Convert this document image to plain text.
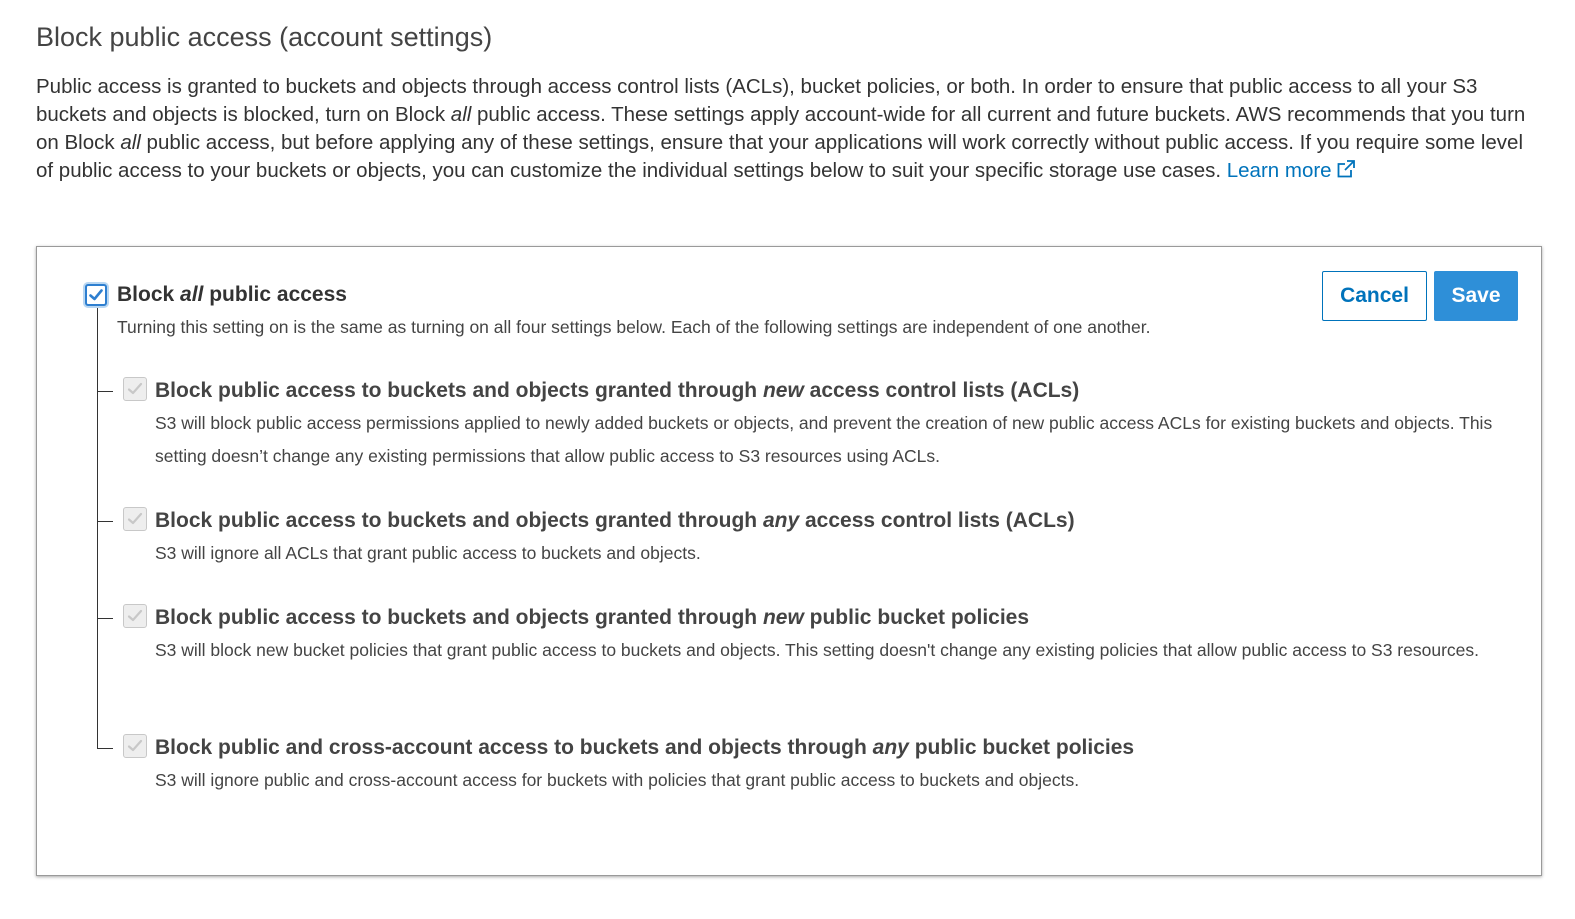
Block public access (account settings)

Public access is granted to buckets and objects through access control lists (ACLs), bucket policies, or both. In order to ensure that public access to all your S3 buckets and objects is blocked, turn on Block all public access. These settings apply account-wide for all current and future buckets. AWS recommends that you turn on Block all public access, but before applying any of these settings, ensure that your applications will work correctly without public access. If you require some level of public access to your buckets or objects, you can customize the individual settings below to suit your specific storage use cases. Learn more

Cancel	Save

Block all public access

Turning this setting on is the same as turning on all four settings below. Each of the following settings are independent of one another.

Block public access to buckets and objects granted through new access control lists (ACLs)

S3 will block public access permissions applied to newly added buckets or objects, and prevent the creation of new public access ACLs for existing buckets and objects. This setting doesn’t change any existing permissions that allow public access to S3 resources using ACLs.

Block public access to buckets and objects granted through any access control lists (ACLs)

S3 will ignore all ACLs that grant public access to buckets and objects.

Block public access to buckets and objects granted through new public bucket policies

S3 will block new bucket policies that grant public access to buckets and objects. This setting doesn't change any existing policies that allow public access to S3 resources.

Block public and cross-account access to buckets and objects through any public bucket policies

S3 will ignore public and cross-account access for buckets with policies that grant public access to buckets and objects.
